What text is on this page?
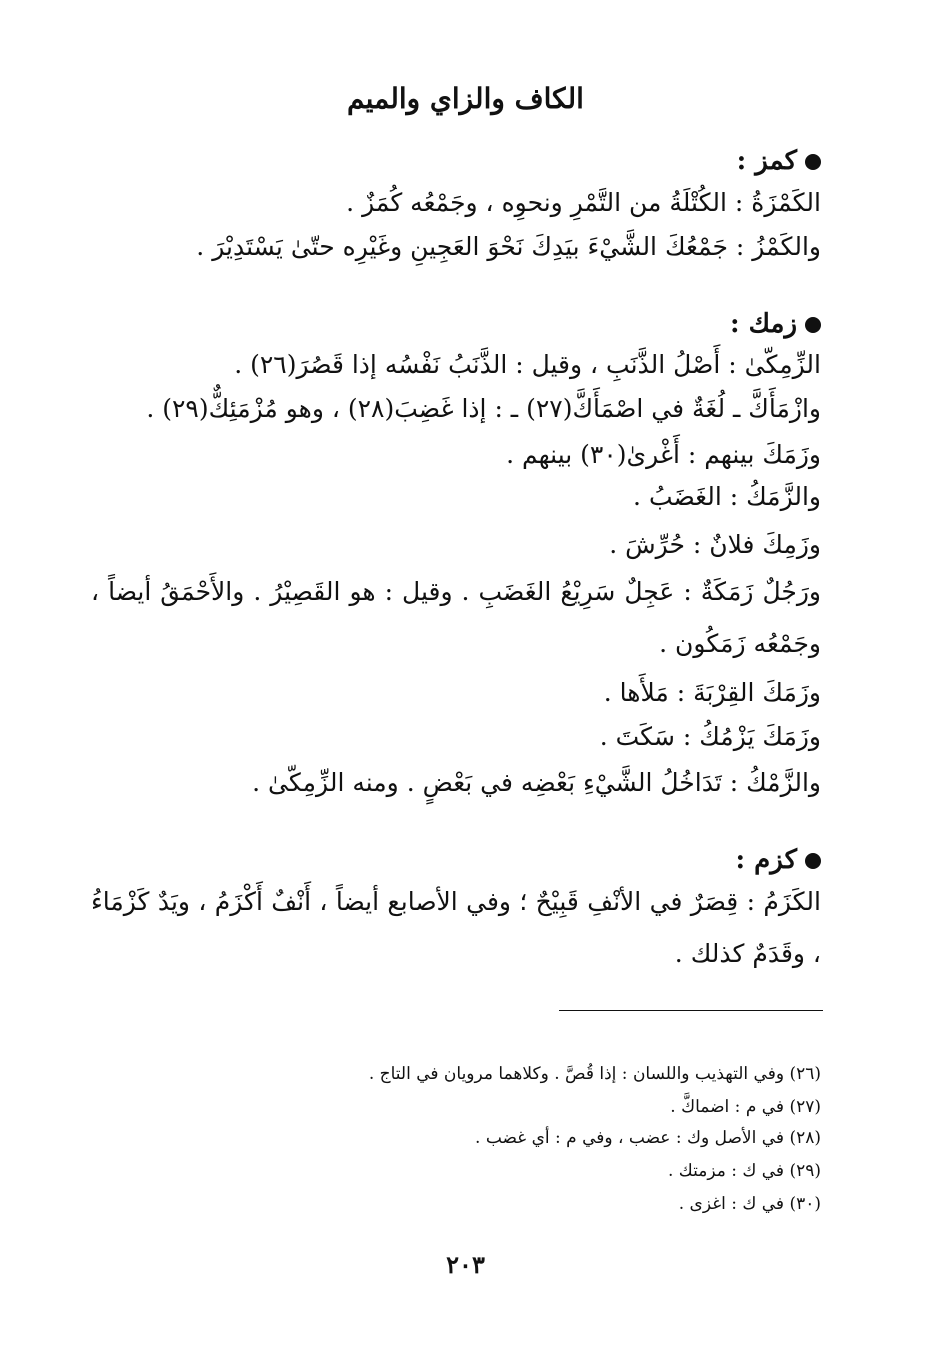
الكاف والزاي والميم
كمز :
الكَمْزَةُ : الكُتْلَةُ من التَّمْرِ ونحوِه ، وجَمْعُه كُمَزٌ .
والكَمْزُ : جَمْعُكَ الشَّيْءَ بيَدِكَ نَحْوَ العَجِينِ وغَيْرِه حتّىٰ يَسْتَدِيْرَ .
زمك :
الزِّمِكّىٰ : أَصْلُ الذَّنَبِ ، وقيل : الذَّنَبُ نَفْسُه إذا قَصُرَ(٢٦) .
وازْمَأَكَّ ـ لُغَةٌ في اصْمَأَكَّ(٢٧) ـ : إذا غَضِبَ(٢٨) ، وهو مُزْمَئِكٌّ(٢٩) .
وزَمَكَ بينهم : أَغْرىٰ(٣٠) بينهم .
والزَّمَكُ : الغَضَبُ .
وزَمِكَ فلانٌ : حُرِّشَ .
ورَجُلٌ زَمَكَةٌ : عَجِلٌ سَرِيْعُ الغَضَبِ . وقيل : هو القَصِيْرُ . والأَحْمَقُ أيضاً ، وجَمْعُه زَمَكُون .
وزَمَكَ القِرْبَةَ : مَلأَها .
وزَمَكَ يَزْمُكُ : سَكَتَ .
والزَّمْكُ : تَدَاخُلُ الشَّيْءِ بَعْضِه في بَعْضٍ . ومنه الزِّمِكّىٰ .
كزم :
الكَزَمُ : قِصَرٌ في الأنْفِ قَبِيْحٌ ؛ وفي الأصابع أيضاً ، أَنْفٌ أَكْزَمُ ، ويَدٌ كَزْمَاءُ ، وقَدَمٌ كذلك .
(٢٦) وفي التهذيب واللسان : إذا قُصَّ . وكلاهما مرويان في التاج .
(٢٧) في م : اضماكَّ .
(٢٨) في الأصل وك : عضب ، وفي م : أي غضب .
(٢٩) في ك : مزمتك .
(٣٠) في ك : اغزى .
٢٠٣
